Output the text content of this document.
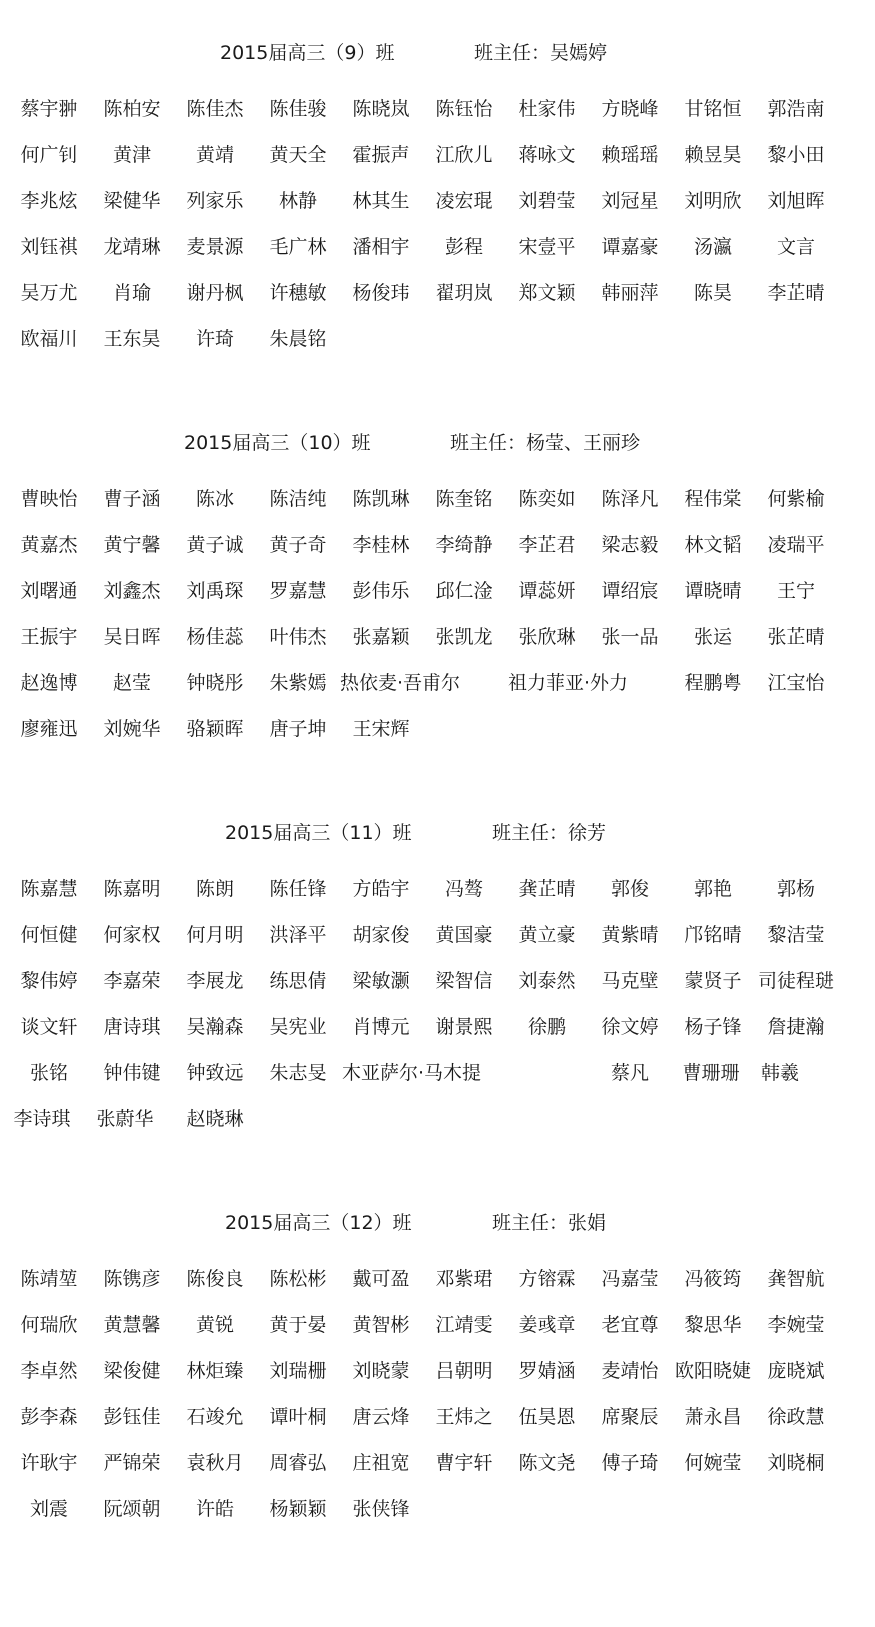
2015届高三（9）班	班主任：吴嫣婷
蔡宇翀	陈柏安	陈佳杰	陈佳骏	陈晓岚	陈钰怡	杜家伟	方晓峰	甘铭恒	郭浩南
何广钊	黄津	黄靖	黄天全	霍振声	江欣儿	蒋咏文	赖瑶瑶	赖昱昊	黎小田
李兆炫	梁健华	列家乐	林静	林其生	凌宏琨	刘碧莹	刘冠星	刘明欣	刘旭晖
刘钰祺	龙靖琳	麦景源	毛广林	潘相宇	彭程	宋壹平	谭嘉豪	汤瀛	文言
吴万尤	肖瑜	谢丹枫	许穗敏	杨俊玮	翟玥岚	郑文颖	韩丽萍	陈昊	李芷晴
欧福川	王东昊	许琦	朱晨铭
2015届高三（10）班	班主任：杨莹、王丽珍
曹映怡	曹子涵	陈冰	陈洁纯	陈凯琳	陈奎铭	陈奕如	陈泽凡	程伟棠	何紫榆
黄嘉杰	黄宁馨	黄子诚	黄子奇	李桂林	李绮静	李芷君	梁志毅	林文韬	凌瑞平
刘曙通	刘鑫杰	刘禹琛	罗嘉慧	彭伟乐	邱仁淦	谭蕊妍	谭绍宸	谭晓晴	王宁
王振宇	吴日晖	杨佳蕊	叶伟杰	张嘉颖	张凯龙	张欣琳	张一品	张运	张芷晴
赵逸博	赵莹	钟晓彤	朱紫嫣 热依麦·吾甫尔	祖力菲亚·外力	程鹏粤	江宝怡
廖雍迅	刘婉华	骆颖晖	唐子坤	王宋辉
2015届高三（11）班	班主任：徐芳
陈嘉慧	陈嘉明	陈朗	陈任锋	方皓宇	冯骜	龚芷晴	郭俊	郭艳	郭杨
何恒健	何家权	何月明	洪泽平	胡家俊	黄国豪	黄立豪	黄紫晴	邝铭晴	黎洁莹
黎伟婷	李嘉荣	李展龙	练思倩	梁敏灏	梁智信	刘泰然	马克壁	蒙贤子 司徒程琎
谈文轩	唐诗琪	吴瀚森	吴宪业	肖博元	谢景熙	徐鹏	徐文婷	杨子锋	詹捷瀚
张铭	钟伟键	钟致远	朱志旻 木亚萨尔·马木提	蔡凡	曹珊珊	韩羲
李诗琪	张蔚华	赵晓琳
2015届高三（12）班	班主任：张娟
陈靖堃	陈镌彦	陈俊良	陈松彬	戴可盈	邓紫珺	方镕霖	冯嘉莹	冯筱筠	龚智航
何瑞欣	黄慧馨	黄锐	黄于晏	黄智彬	江靖雯	姜彧章	老宜尊	黎思华	李婉莹
李卓然	梁俊健	林炬臻	刘瑞栅	刘晓蒙	吕朝明	罗婧涵	麦靖怡 欧阳晓婕 庞晓斌
彭李森	彭钰佳	石竣允	谭叶桐	唐云烽	王炜之	伍昊恩	席聚辰	萧永昌	徐政慧
许耿宇	严锦荣	袁秋月	周睿弘	庄祖宽	曹宇轩	陈文尧	傅子琦	何婉莹	刘晓桐
刘震	阮颂朝	许皓	杨颖颖	张侠锋
